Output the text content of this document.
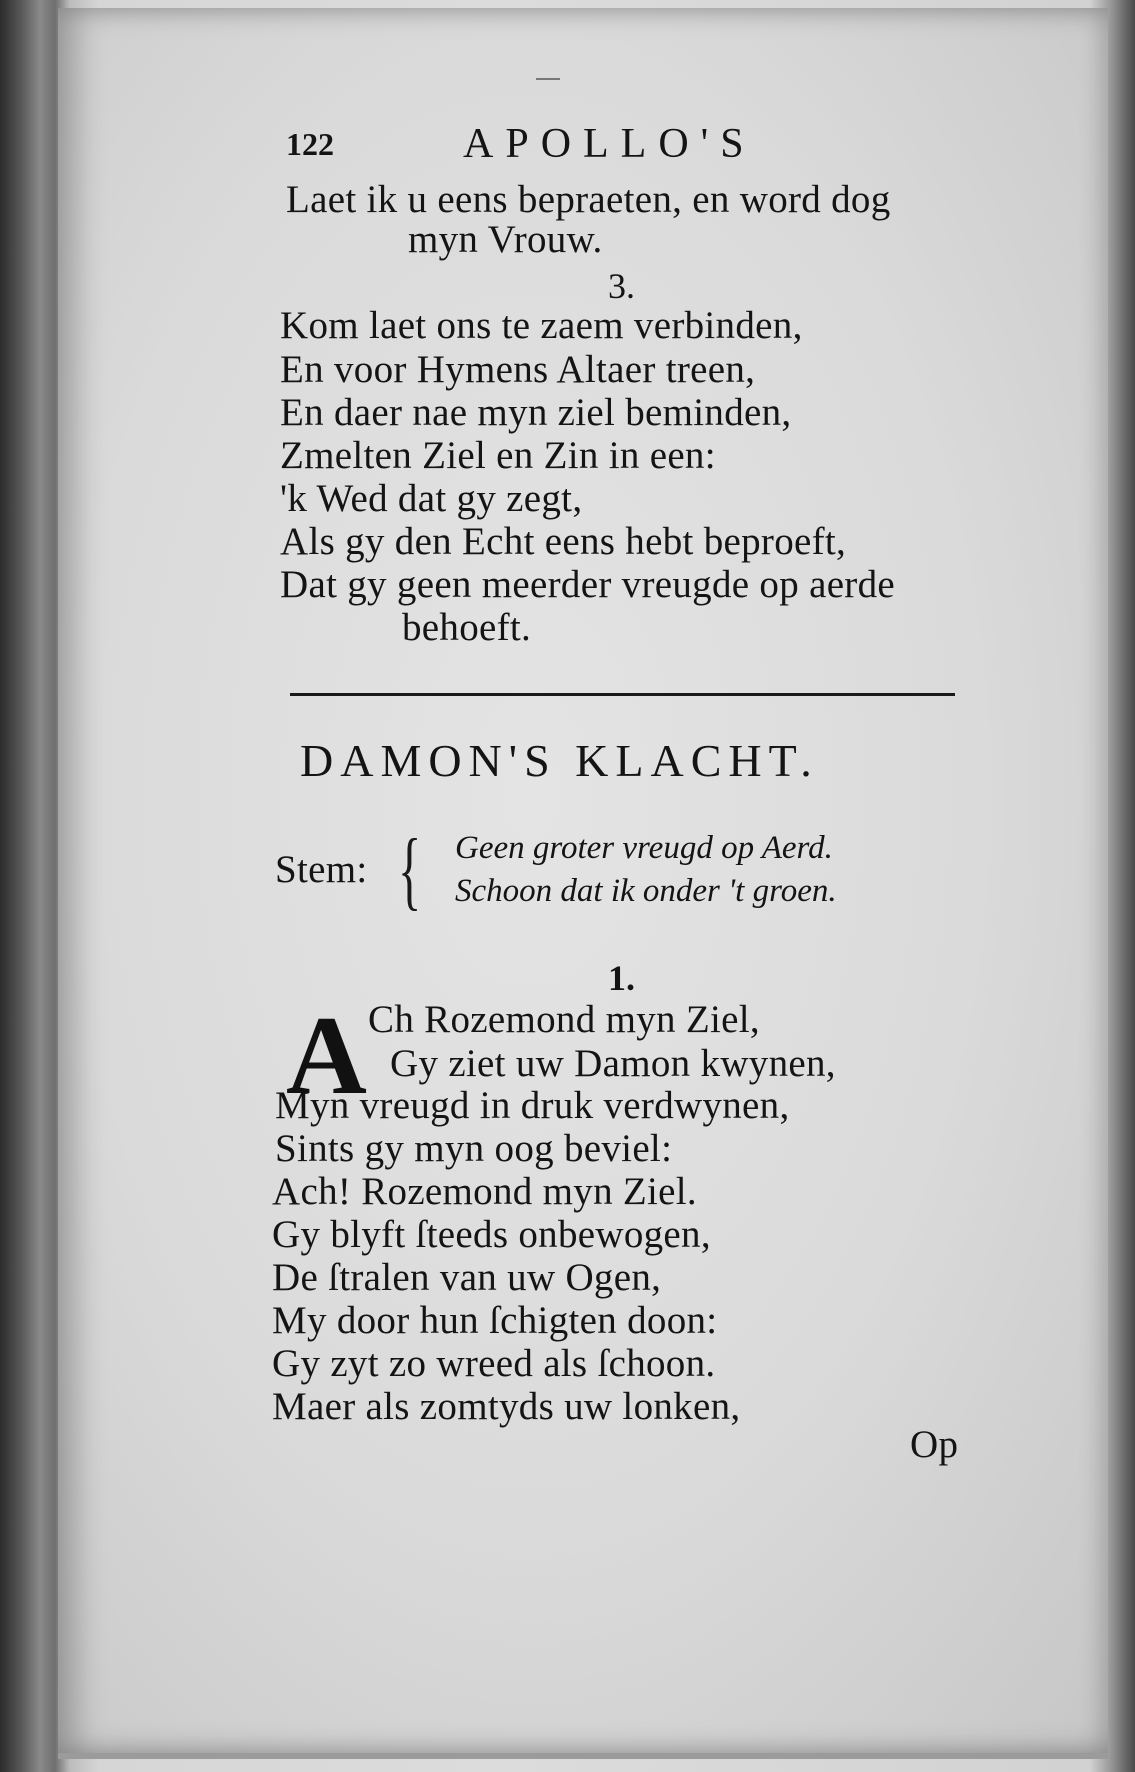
122	APOLLO'S
Laet ik u eens bepraeten, en word dog
myn Vrouw.
3.
Kom laet ons te zaem verbinden,
En voor Hymens Altaer treen,
En daer nae myn ziel beminden,
Zmelten Ziel en Zin in een:
'k Wed dat gy zegt,
Als gy den Echt eens hebt beproeft,
Dat gy geen meerder vreugde op aerde
behoeft.
DAMON'S KLACHT.
Stem: { Geen groter vreugd op Aerd.
Schoon dat ik onder 't groen.
1.
A Ch Rozemond myn Ziel,
Gy ziet uw Damon kwynen,
Myn vreugd in druk verdwynen,
Sints gy myn oog beviel:
Ach! Rozemond myn Ziel.
Gy blyft ſteeds onbewogen,
De ſtralen van uw Ogen,
My door hun ſchigten doon:
Gy zyt zo wreed als ſchoon.
Maer als zomtyds uw lonken,
Op
